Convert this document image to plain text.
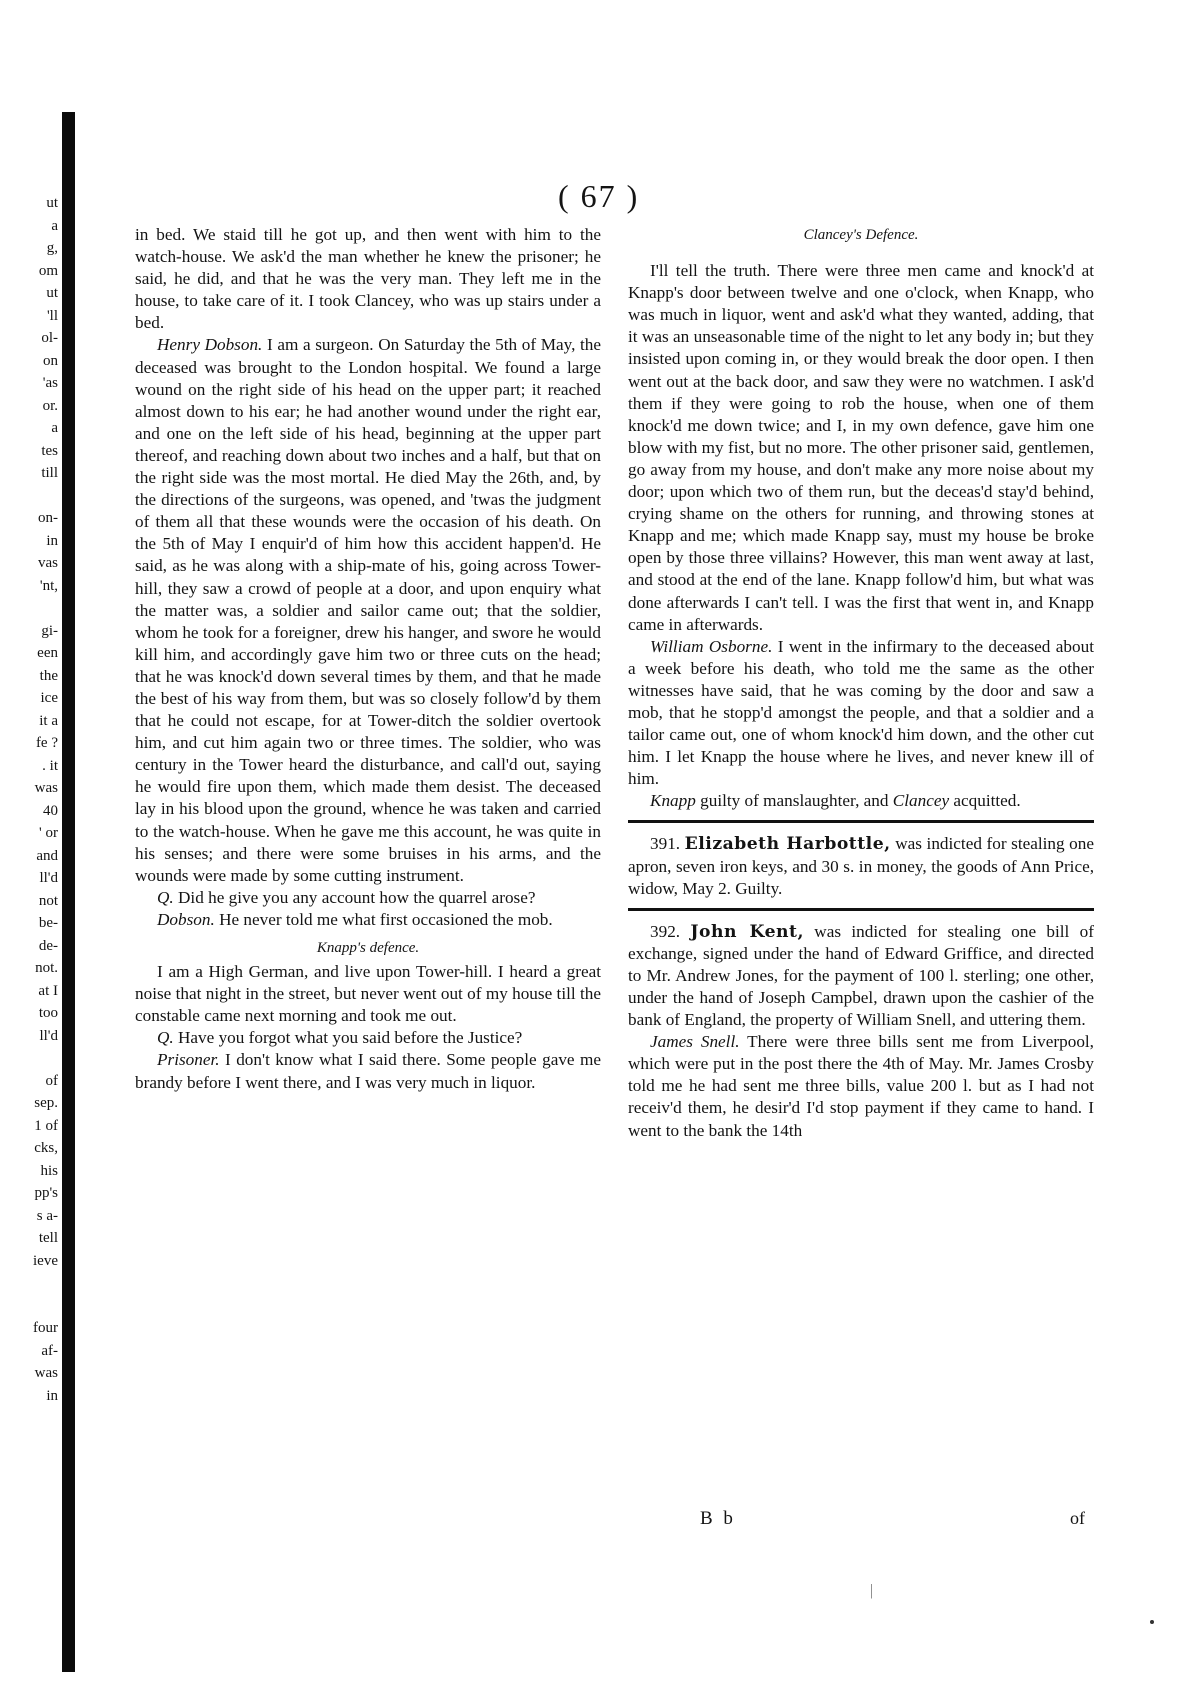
ut
a
g,
om
ut
'll
ol-
on
'as
or.
a
tes
till
on-
in
vas
'nt,
gi-
een
the
ice
it a
fe ?
. it
was
40
' or
and
ll'd
not
be-
de-
not.
at I
too
ll'd
of
sep.
1 of
cks,
his
pp's
s a-
tell
ieve
four
af-
was
in
( 67 )

in bed. We staid till he got up, and then went with him to the watch-house. We ask'd the man whether he knew the prisoner; he said, he did, and that he was the very man. They left me in the house, to take care of it. I took Clancey, who was up stairs under a bed.

Henry Dobson. I am a surgeon. On Saturday the 5th of May, the deceased was brought to the London hospital. We found a large wound on the right side of his head on the upper part; it reached almost down to his ear; he had another wound under the right ear, and one on the left side of his head, beginning at the upper part thereof, and reaching down about two inches and a half, but that on the right side was the most mortal. He died May the 26th, and, by the directions of the surgeons, was opened, and 'twas the judgment of them all that these wounds were the occasion of his death. On the 5th of May I enquir'd of him how this accident happen'd. He said, as he was along with a ship-mate of his, going across Tower-hill, they saw a crowd of people at a door, and upon enquiry what the matter was, a soldier and sailor came out; that the soldier, whom he took for a foreigner, drew his hanger, and swore he would kill him, and accordingly gave him two or three cuts on the head; that he was knock'd down several times by them, and that he made the best of his way from them, but was so closely follow'd by them that he could not escape, for at Tower-ditch the soldier overtook him, and cut him again two or three times. The soldier, who was century in the Tower heard the disturbance, and call'd out, saying he would fire upon them, which made them desist. The deceased lay in his blood upon the ground, whence he was taken and carried to the watch-house. When he gave me this account, he was quite in his senses; and there were some bruises in his arms, and the wounds were made by some cutting instrument.

Q. Did he give you any account how the quarrel arose?

Dobson. He never told me what first occasioned the mob.

Knapp's defence.

I am a High German, and live upon Tower-hill. I heard a great noise that night in the street, but never went out of my house till the constable came next morning and took me out.

Q. Have you forgot what you said before the Justice?

Prisoner. I don't know what I said there. Some people gave me brandy before I went there, and I was very much in liquor.

Clancey's Defence.

I'll tell the truth. There were three men came and knock'd at Knapp's door between twelve and one o'clock, when Knapp, who was much in liquor, went and ask'd what they wanted, adding, that it was an unseasonable time of the night to let any body in; but they insisted upon coming in, or they would break the door open. I then went out at the back door, and saw they were no watchmen. I ask'd them if they were going to rob the house, when one of them knock'd me down twice; and I, in my own defence, gave him one blow with my fist, but no more. The other prisoner said, gentlemen, go away from my house, and don't make any more noise about my door; upon which two of them run, but the deceas'd stay'd behind, crying shame on the others for running, and throwing stones at Knapp and me; which made Knapp say, must my house be broke open by those three villains? However, this man went away at last, and stood at the end of the lane. Knapp follow'd him, but what was done afterwards I can't tell. I was the first that went in, and Knapp came in afterwards.

William Osborne. I went in the infirmary to the deceased about a week before his death, who told me the same as the other witnesses have said, that he was coming by the door and saw a mob, that he stopp'd amongst the people, and that a soldier and a tailor came out, one of whom knock'd him down, and the other cut him. I let Knapp the house where he lives, and never knew ill of him.

Knapp guilty of manslaughter, and Clancey acquitted.

391. Elizabeth Harbottle, was indicted for stealing one apron, seven iron keys, and 30 s. in money, the goods of Ann Price, widow, May 2. Guilty.

392. John Kent, was indicted for stealing one bill of exchange, signed under the hand of Edward Griffice, and directed to Mr. Andrew Jones, for the payment of 100 l. sterling; one other, under the hand of Joseph Campbel, drawn upon the cashier of the bank of England, the property of William Snell, and uttering them.

James Snell. There were three bills sent me from Liverpool, which were put in the post there the 4th of May. Mr. James Crosby told me he had sent me three bills, value 200 l. but as I had not receiv'd them, he desir'd I'd stop payment if they came to hand. I went to the bank the 14th

B b	of
|
